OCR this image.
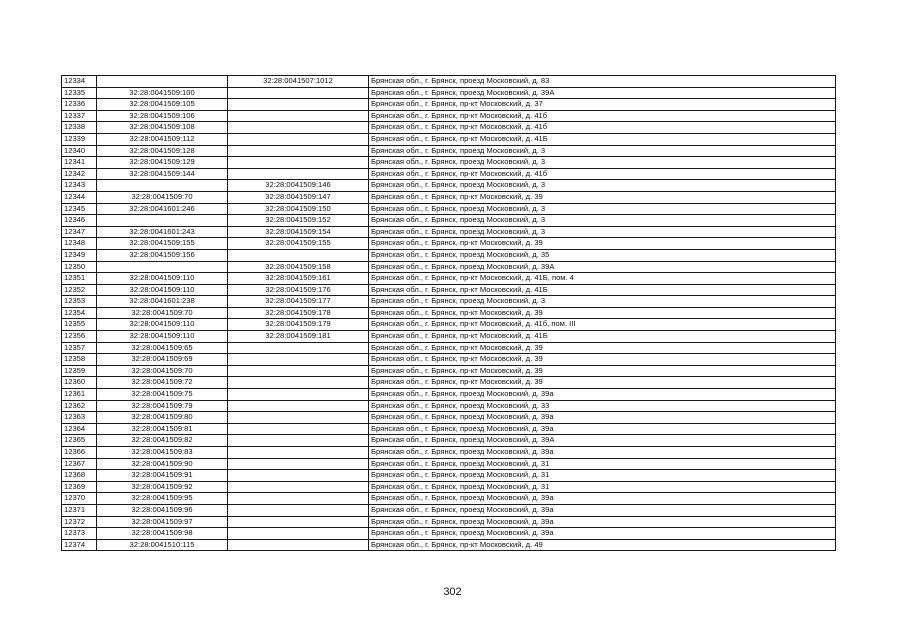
12334		32:28:0041507:1012	Брянская обл., г. Брянск, проезд Московский, д. 83
12335	32:28:0041509:100		Брянская обл., г. Брянск, проезд Московский, д. 39А
12336	32:28:0041509:105		Брянская обл., г. Брянск, пр-кт Московский, д. 37
12337	32:28:0041509:106		Брянская обл., г. Брянск, пр-кт Московский, д. 41б
12338	32:28:0041509:108		Брянская обл., г. Брянск, пр-кт Московский, д. 41б
12339	32:28:0041509:112		Брянская обл., г. Брянск, пр-кт Московский, д. 41Б
12340	32:28:0041509:128		Брянская обл., г. Брянск, проезд Московский, д. 3
12341	32:28:0041509:129		Брянская обл., г. Брянск, проезд Московский, д. 3
12342	32:28:0041509:144		Брянская обл., г. Брянск, пр-кт Московский, д. 41б
12343		32:28:0041509:146	Брянская обл., г. Брянск, проезд Московский, д. 3
12344	32:28:0041509:70	32:28:0041509:147	Брянская обл., г. Брянск, пр-кт Московский, д. 39
12345	32:28:0041601:246	32:28:0041509:150	Брянская обл., г. Брянск, проезд Московский, д. 3
12346		32:28:0041509:152	Брянская обл., г. Брянск, проезд Московский, д. 3
12347	32:28:0041601:243	32:28:0041509:154	Брянская обл., г. Брянск, проезд Московский, д. 3
12348	32:28:0041509:155	32:28:0041509:155	Брянская обл., г. Брянск, пр-кт Московский, д. 39
12349	32:28:0041509:156		Брянская обл., г. Брянск, проезд Московский, д. 35
12350		32:28:0041509:158	Брянская обл., г. Брянск, проезд Московский, д. 39А
12351	32:28:0041509:110	32:28:0041509:161	Брянская обл., г. Брянск, пр-кт Московский, д. 41Б, пом. 4
12352	32:28:0041509:110	32:28:0041509:176	Брянская обл., г. Брянск, пр-кт Московский, д. 41Б
12353	32:28:0041601:238	32:28:0041509:177	Брянская обл., г. Брянск, проезд Московский, д. 3
12354	32:28:0041509:70	32:28:0041509:178	Брянская обл., г. Брянск, пр-кт Московский, д. 39
12355	32:28:0041509:110	32:28:0041509:179	Брянская обл., г. Брянск, пр-кт Московский, д. 41б, пом. III
12356	32:28:0041509:110	32:28:0041509:181	Брянская обл., г. Брянск, пр-кт Московский, д. 41Б
12357	32:28:0041509:65		Брянская обл., г. Брянск, пр-кт Московский, д. 39
12358	32:28:0041509:69		Брянская обл., г. Брянск, пр-кт Московский, д. 39
12359	32:28:0041509:70		Брянская обл., г. Брянск, пр-кт Московский, д. 39
12360	32:28:0041509:72		Брянская обл., г. Брянск, пр-кт Московский, д. 39
12361	32:28:0041509:75		Брянская обл., г. Брянск, проезд Московский, д. 39а
12362	32:28:0041509:79		Брянская обл., г. Брянск, проезд Московский, д. 33
12363	32:28:0041509:80		Брянская обл., г. Брянск, проезд Московский, д. 39а
12364	32:28:0041509:81		Брянская обл., г. Брянск, проезд Московский, д. 39а
12365	32:28:0041509:82		Брянская обл., г. Брянск, проезд Московский, д. 39А
12366	32:28:0041509:83		Брянская обл., г. Брянск, проезд Московский, д. 39а
12367	32:28:0041509:90		Брянская обл., г. Брянск, проезд Московский, д. 31
12368	32:28:0041509:91		Брянская обл., г. Брянск, проезд Московский, д. 31
12369	32:28:0041509:92		Брянская обл., г. Брянск, проезд Московский, д. 31
12370	32:28:0041509:95		Брянская обл., г. Брянск, проезд Московский, д. 39а
12371	32:28:0041509:96		Брянская обл., г. Брянск, проезд Московский, д. 39а
12372	32:28:0041509:97		Брянская обл., г. Брянск, проезд Московский, д. 39а
12373	32:28:0041509:98		Брянская обл., г. Брянск, проезд Московский, д. 39а
12374	32:28:0041510:115		Брянская обл., г. Брянск, пр-кт Московский, д. 49
302
